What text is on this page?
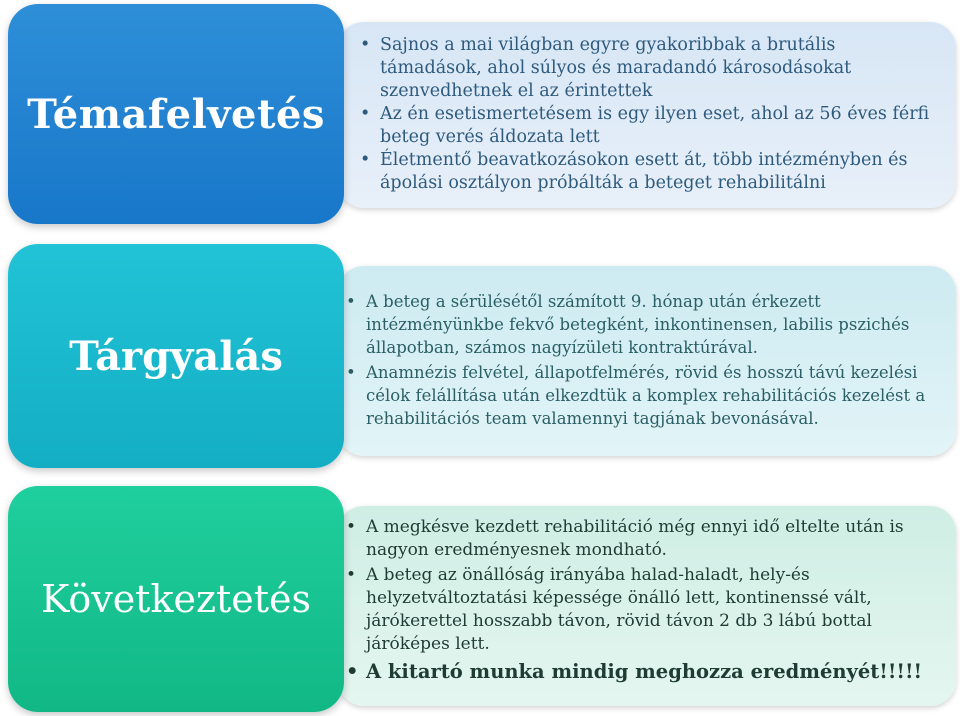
Témafelvetés
• Sajnos a mai világban egyre gyakoribbak a brutális támadások, ahol súlyos és maradandó károsodásokat szenvedhetnek el az érintettek
• Az én esetismertetésem is egy ilyen eset, ahol az 56 éves férfi beteg verés áldozata lett
• Életmentő beavatkozásokon esett át, több intézményben és ápolási osztályon próbálták a beteget rehabilitálni
Tárgyalás
• A beteg a sérülésétől számított 9. hónap után érkezett intézményünkbe fekvő betegként, inkontinensen, labilis pszichés állapotban, számos nagyízületi kontraktúrával.
• Anamnézis felvétel, állapotfelmérés, rövid és hosszú távú kezelési célok felállítása után elkezdtük a komplex rehabilitációs kezelést a rehabilitációs team valamennyi tagjának bevonásával.
Következtetés
• A megkésve kezdett rehabilitáció még ennyi idő eltelte után is nagyon eredményesnek mondható.
• A beteg az önállóság irányába halad-haladt, hely-és helyzetváltoztatási képessége önálló lett, kontinenssé vált, járókerettel hosszabb távon, rövid távon 2 db 3 lábú bottal járóképes lett.
• A kitartó munka mindig meghozza eredményét!!!!!
